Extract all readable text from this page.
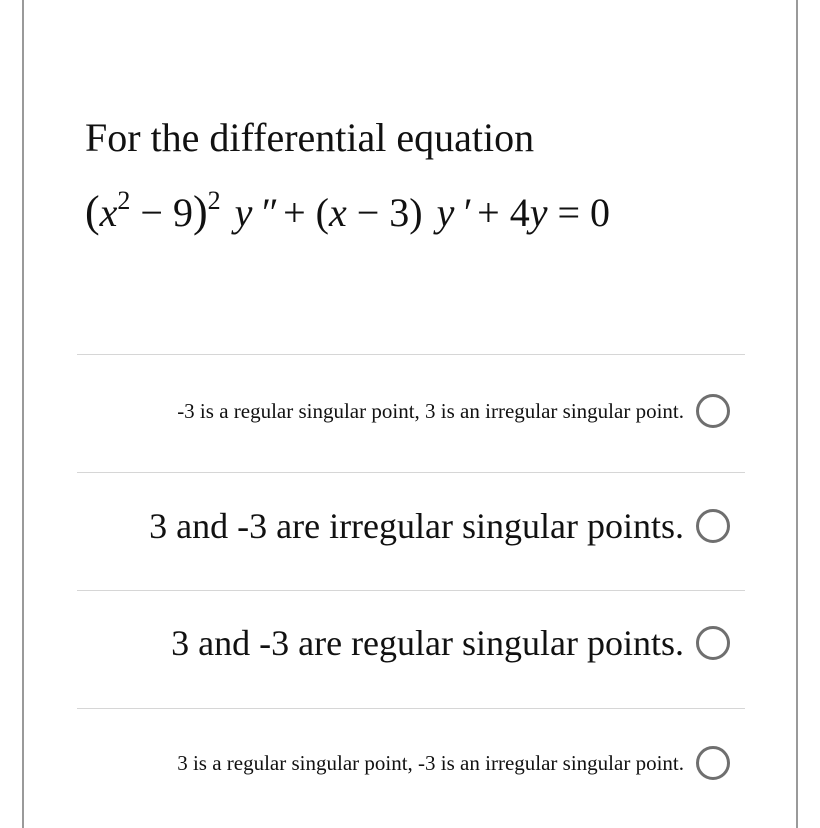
For the differential equation
$(x^2 - 9)^2$ y ″ + (x − 3) y ′ + 4y = 0
-3 is a regular singular point, 3 is an irregular singular point.
3 and -3 are irregular singular points.
3 and -3 are regular singular points.
3 is a regular singular point, -3 is an irregular singular point.
